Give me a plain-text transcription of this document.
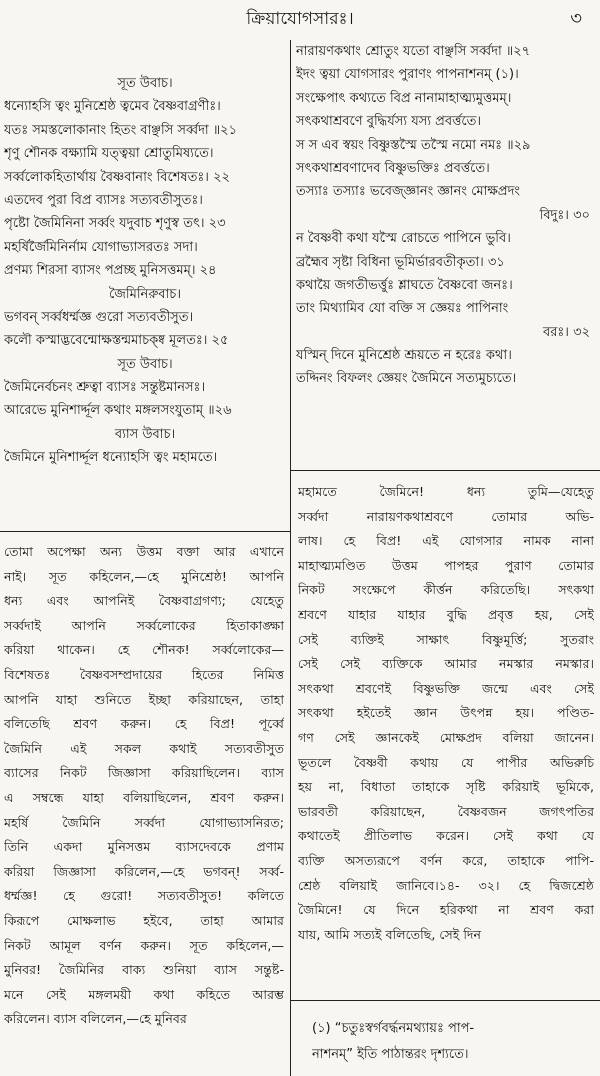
ক্রিয়াযোগসারঃ।	৩
সূত উবাচ।
ধন্যোহসি ত্বং মুনিশ্রেষ্ঠ ত্বমেব বৈষ্ণবাগ্রণীঃ।
যতঃ সমস্তলোকানাং হিতং বাঞ্ছসি সর্ব্বদা ॥২১
শৃণু শৌনক বক্ষ্যামি যত্ত্বয়া শ্রোতুমিষ্যতে।
সর্ব্বলোকহিতার্থায় বৈষ্ণবানাং বিশেষতঃ। ২২
এতদেব পুরা বিপ্র ব্যাসঃ সত্যবতীসুতঃ।
পৃষ্টো জৈমিনিনা সর্ব্বং যদুবাচ শৃণুস্ব তৎ। ২৩
মহর্ষির্জৈমিনির্নাম যোগাভ্যাসরতঃ সদা।
প্রণম্য শিরসা ব্যাসং পপ্রচ্ছ মুনিসত্তমম্‌। ২৪
জৈমিনিরুবাচ।
ভগবন্‌ সর্ব্বধর্ম্মজ্ঞ গুরো সত্যবতীসুত।
কলৌ কস্মাদ্ভবেন্মোক্ষস্তন্মমাচক্ষ্ব মূলতঃ। ২৫
সূত উবাচ।
জৈমিনের্বচনং শ্রুত্বা ব্যাসঃ সন্তুষ্টমানসঃ।
আরেভে মুনিশার্দ্দূল কথাং মঙ্গলসংযুতাম্‌ ॥২৬
ব্যাস উবাচ।
জৈমিনে মুনিশার্দ্দূল ধন্যোহসি ত্বং মহামতে।
নারায়ণকথাং শ্রোতুং যতো বাঞ্ছসি সর্ব্বদা ॥২৭
ইদং ত্বয়া যোগসারং পুরাণং পাপনাশনম্‌ (১)।
সংক্ষেপাৎ কথ্যতে বিপ্র নানামাহাত্ম্যমুত্তমম্‌।
সৎকথাশ্রবণে বুদ্ধির্যস্য যস্য প্রবর্ত্ততে।
স স এব স্বয়ং বিষ্ণুস্তস্মৈ তস্মৈ নমো নমঃ ॥২৯
সৎকথাশ্রবণাদেব বিষ্ণুভক্তিঃ প্রবর্ত্ততে।
তস্যাঃ তস্যাঃ ভবেজ্জ্ঞানং জ্ঞানং মোক্ষপ্রদং
বিদুঃ। ৩০
ন বৈষ্ণবী কথা যস্মৈ রোচতে পাপিনে ভুবি।
ব্রহ্মৈব সৃষ্টা বিধিনা ভূমির্ভারবতীকৃতা। ৩১
কথায়ৈ জগতীভর্ত্তুঃ শ্লাঘতে বৈষ্ণবো জনঃ।
তাং মিথ্যামিব যো বক্তি স জ্ঞেয়ঃ পাপিনাং
বরঃ। ৩২
যস্মিন্‌ দিনে মুনিশ্রেষ্ঠ শ্রূয়তে ন হরেঃ কথা।
তদ্দিনং বিফলং জ্ঞেয়ং জৈমিনে সত্যমুচ্যতে।
তোমা অপেক্ষা অন্য উত্তম বক্তা আর এখানে
নাই। সূত কহিলেন,—হে মুনিশ্রেষ্ঠ! আপনি
ধন্য এবং আপনিই বৈষ্ণবাগ্রগণ্য; যেহেতু
সর্ব্বদাই আপনি সর্ব্বলোকের হিতাকাঙ্ক্ষা
করিয়া থাকেন। হে শৌনক! সর্ব্বলোকের—
বিশেষতঃ বৈষ্ণবসম্প্রদায়ের হিতের নিমিত্ত
আপনি যাহা শুনিতে ইচ্ছা করিয়াছেন, তাহা
বলিতেছি শ্রবণ করুন। হে বিপ্র! পূর্ব্বে
জৈমিনি এই সকল কথাই সত্যবতীসুত
ব্যাসের নিকট জিজ্ঞাসা করিয়াছিলেন। ব্যাস
এ সম্বন্ধে যাহা বলিয়াছিলেন, শ্রবণ করুন।
মহর্ষি জৈমিনি সর্ব্বদা যোগাভ্যাসনিরত;
তিনি একদা মুনিসত্তম ব্যাসদেবকে প্রণাম
করিয়া জিজ্ঞাসা করিলেন,—হে ভগবন্‌! সর্ব্ব-
ধর্ম্মজ্ঞ! হে গুরো! সত্যবতীসুত! কলিতে
কিরূপে মোক্ষলাভ হইবে, তাহা আমার
নিকট আমূল বর্ণন করুন। সূত কহিলেন,—
মুনিবর! জৈমিনির বাক্য শুনিয়া ব্যাস সন্তুষ্ট-
মনে সেই মঙ্গলময়ী কথা কহিতে আরম্ভ
করিলেন। ব্যাস বলিলেন,—হে মুনিবর
মহামতে জৈমিনে! ধন্য তুমি—যেহেতু
সর্ব্বদা নারায়ণকথাশ্রবণে তোমার অভি-
লাষ। হে বিপ্র! এই যোগসার নামক নানা
মাহাত্ম্যমণ্ডিত উত্তম পাপহর পুরাণ তোমার
নিকট সংক্ষেপে কীর্ত্তন করিতেছি। সৎকথা
শ্রবণে যাহার যাহার বুদ্ধি প্রবৃত্ত হয়, সেই
সেই ব্যক্তিই সাক্ষাৎ বিষ্ণুমূর্ত্তি; সুতরাং
সেই সেই ব্যক্তিকে আমার নমস্কার নমস্কার।
সৎকথা শ্রবণেই বিষ্ণুভক্তি জন্মে এবং সেই
সৎকথা হইতেই জ্ঞান উৎপন্ন হয়। পণ্ডিত-
গণ সেই জ্ঞানকেই মোক্ষপ্রদ বলিয়া জানেন।
ভূতলে বৈষ্ণবী কথায় যে পাপীর অভিরুচি
হয় না, বিধাতা তাহাকে সৃষ্টি করিয়াই ভূমিকে,
ভারবতী করিয়াছেন, বৈষ্ণবজন জগৎপতির
কথাতেই প্রীতিলাভ করেন। সেই কথা যে
ব্যক্তি অসত্যরূপে বর্ণন করে, তাহাকে পাপি-
শ্রেষ্ঠ বলিয়াই জানিবে।১৪- ৩২। হে দ্বিজশ্রেষ্ঠ
জৈমিনে! যে দিনে হরিকথা না শ্রবণ করা
যায়, আমি সত্যই বলিতেছি, সেই দিন
(১) “চতুঃস্বর্গবর্দ্ধনমথ্যায়ঃ পাপ-
নাশনম্‌” ইতি পাঠান্তরং দৃশ্যতে।
